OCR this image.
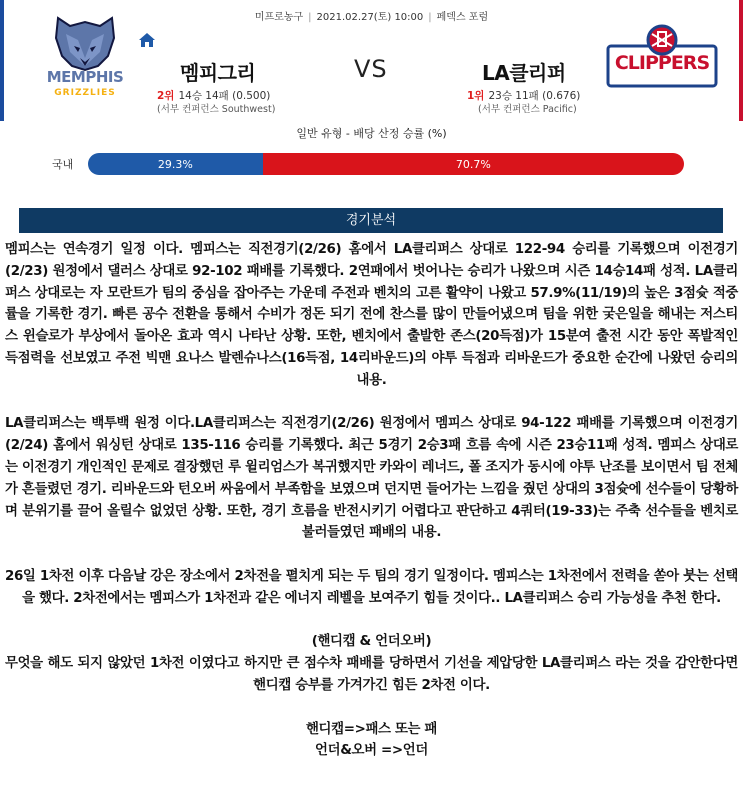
미프로농구 | 2021.02.27(토) 10:00 | 페덱스 포럼
MEMPHIS
GRIZZLIES
멤피그리	VS	LA클리퍼
2위 14승 14패 (0.500)
(서부 컨퍼런스 Southwest)
1위 23승 11패 (0.676)
(서부 컨퍼런스 Pacific)
CLIPPERS
일반 유형 - 배당 산정 승률 (%)
국내	29.3%	70.7%
경기분석

멤피스는 연속경기 일정 이다. 멤피스는 직전경기(2/26) 홈에서 LA클리퍼스 상대로 122-94 승리를 기록했으며 이전경기(2/23) 원정에서 댈러스 상대로 92-102 패배를 기록했다. 2연패에서 벗어나는 승리가 나왔으며 시즌 14승14패 성적. LA클리퍼스 상대로는 자 모란트가 팀의 중심을 잡아주는 가운데 주전과 벤치의 고른 활약이 나왔고 57.9%(11/19)의 높은 3점슛 적중률을 기록한 경기. 빠른 공수 전환을 통해서 수비가 정돈 되기 전에 찬스를 많이 만들어냈으며 팀을 위한 궂은일을 해내는 저스티스 윈슬로가 부상에서 돌아온 효과 역시 나타난 상황. 또한, 벤치에서 출발한 존스(20득점)가 15분여 출전 시간 동안 폭발적인 득점력을 선보였고 주전 빅맨 요나스 발렌슈나스(16득점, 14리바운드)의 야투 득점과 리바운드가 중요한 순간에 나왔던 승리의 내용.

LA클리퍼스는 백투백 원정 이다.LA클리퍼스는 직전경기(2/26) 원정에서 멤피스 상대로 94-122 패배를 기록했으며 이전경기(2/24) 홈에서 워싱턴 상대로 135-116 승리를 기록했다. 최근 5경기 2승3패 흐름 속에 시즌 23승11패 성적. 멤피스 상대로는 이전경기 개인적인 문제로 결장했던 루 윌리엄스가 복귀했지만 카와이 레너드, 폴 조지가 동시에 야투 난조를 보이면서 팀 전체가 흔들렸던 경기. 리바운드와 턴오버 싸움에서 부족함을 보였으며 던지면 들어가는 느낌을 줬던 상대의 3점슛에 선수들이 당황하며 분위기를 끌어 올릴수 없었던 상황. 또한, 경기 흐름을 반전시키기 어렵다고 판단하고 4쿼터(19-33)는 주축 선수들을 벤치로 불러들였던 패배의 내용.

26일 1차전 이후 다음날 강은 장소에서 2차전을 펼치게 되는 두 팀의 경기 일정이다. 멤피스는 1차전에서 전력을 쏟아 붓는 선택을 했다. 2차전에서는 멤피스가 1차전과 같은 에너지 레벨을 보여주기 힘들 것이다.. LA클리퍼스 승리 가능성을 추천 한다.

(핸디캡 & 언더오버)

무엇을 해도 되지 않았던 1차전 이였다고 하지만 큰 점수차 패배를 당하면서 기선을 제압당한 LA클리퍼스 라는 것을 감안한다면 핸디캡 승부를 가겨가긴 힘든 2차전 이다.

핸디캡=>패스 또는 패

언더&오버 =>언더
